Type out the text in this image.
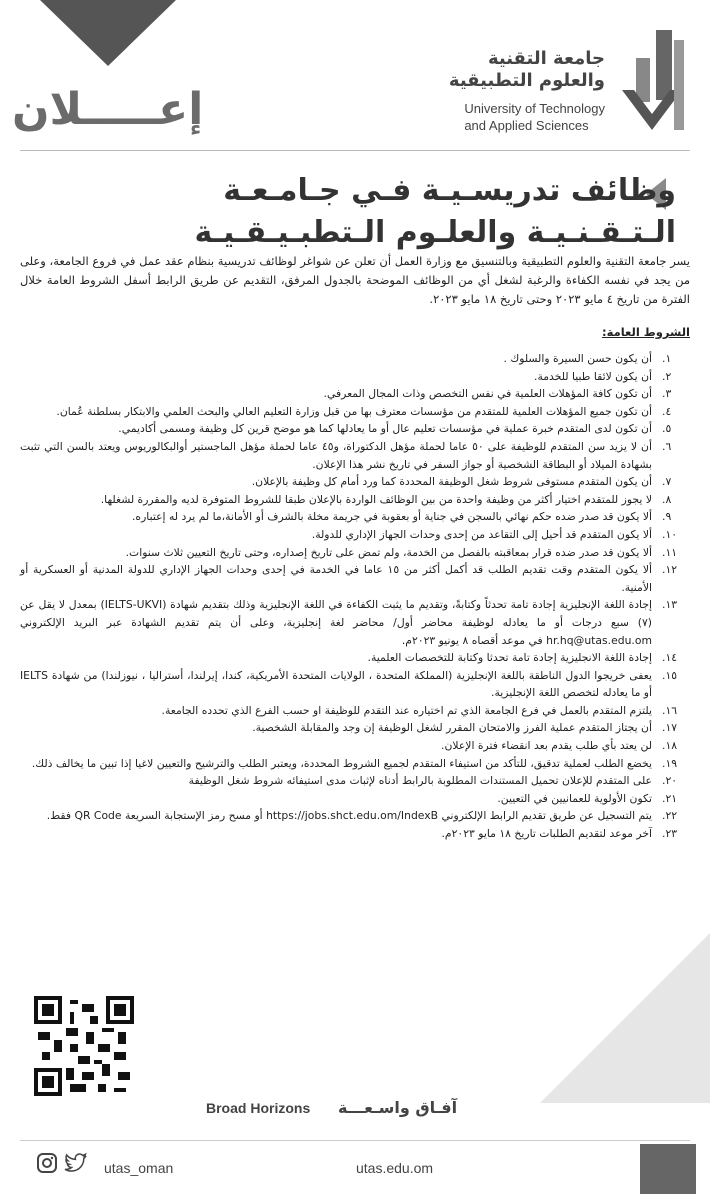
إعـــــلان
جامعة التقنية
والعلوم التطبيقية
University of Technology
and Applied Sciences
وظائف تدريسـيـة فـي جـامـعـة الـتـقـنـيـة والعلـوم الـتطبـيـقـيـة
يسر جامعة التقنية والعلوم التطبيقية وبالتنسيق مع وزارة العمل أن تعلن عن شواغر لوظائف تدريسية بنظام عقد عمل في فروع الجامعة، وعلى من يجد في نفسه الكفاءة والرغبة لشغل أي من الوظائف الموضحة بالجدول المرفق، التقديم عن طريق الرابط أسفل الشروط العامة خلال الفترة من تاريخ ٤ مايو ٢٠٢٣ وحتى تاريخ ١٨ مايو ٢٠٢٣.
الشروط العامة:
١.
أن يكون حسن السيرة والسلوك .
٢.
أن يكون لائقا طبيا للخدمة.
٣.
أن تكون كافة المؤهلات العلمية في نفس التخصص وذات المجال المعرفي.
٤.
أن تكون جميع المؤهلات العلمية للمتقدم من مؤسسات معترف بها من قبل وزارة التعليم العالي والبحث العلمي والابتكار بسلطنة عُمان.
٥.
أن تكون لدى المتقدم خبرة عملية في مؤسسات تعليم عال أو ما يعادلها كما هو موضح قرين كل وظيفة ومسمى أكاديمي.
٦.
أن لا يزيد سن المتقدم للوظيفة على ٥٠ عاما لحملة مؤهل الدكتوراة، و٤٥ عاما لحملة مؤهل الماجستير أوالبكالوريوس ويعتد بالسن التي تثبت بشهادة الميلاد أو البطاقة الشخصية أو جواز السفر في تاريخ نشر هذا الإعلان.
٧.
أن يكون المتقدم مستوفى شروط شغل الوظيفة المحددة كما ورد أمام كل وظيفة بالإعلان.
٨.
لا يجوز للمتقدم اختيار أكثر من وظيفة واحدة من بين الوظائف الواردة بالإعلان طبقا للشروط المتوفرة لديه والمقررة لشغلها.
٩.
ألا يكون قد صدر ضده حكم نهائي بالسجن في جناية أو بعقوبة في جريمة مخلة بالشرف أو الأمانة،ما لم يرد له إعتباره.
١٠.
ألا يكون المتقدم قد أحيل إلى التقاعد من إحدى وحدات الجهاز الإداري للدولة.
١١.
ألا يكون قد صدر ضده قرار بمعاقبته بالفصل من الخدمة، ولم تمض على تاريخ إصداره، وحتى تاريخ التعيين ثلاث سنوات.
١٢.
ألا يكون المتقدم وقت تقديم الطلب قد أكمل أكثر من ١٥ عاما في الخدمة في إحدى وحدات الجهاز الإداري للدولة المدنية أو العسكرية أو الأمنية.
١٣.
إجادة اللغة الإنجليزية إجادة تامة تحدثاً وكتابةً، وتقديم ما يثبت الكفاءة في اللغة الإنجليزية وذلك بتقديم شهادة (IELTS-UKVI) بمعدل لا يقل عن (٧) سبع درجات أو ما يعادله لوظيفة محاضر أول/ محاضر لغة إنجليزية، وعلى أن يتم تقديم الشهادة عبر البريد الإلكتروني hr.hq@utas.edu.om في موعد أقصاه ٨ يونيو ٢٠٢٣م.
١٤.
إجادة اللغة الانجليزية إجادة تامة تحدثا وكتابة للتخصصات العلمية.
١٥.
يعفى خريجوا الدول الناطقة باللغة الإنجليزية (المملكة المتحدة ، الولايات المتحدة الأمريكية، كندا، إيرلندا، أستراليا ، نيوزلندا) من شهادة IELTS أو ما يعادله لتخصص اللغة الإنجليزية.
١٦.
يلتزم المتقدم بالعمل في فرع الجامعة الذي تم اختياره عند التقدم للوظيفة او حسب الفرع الذي تحدده الجامعة.
١٧.
أن يجتاز المتقدم عملية الفرز والامتحان المقرر لشغل الوظيفة إن وجد والمقابلة الشخصية.
١٨.
لن يعتد بأي طلب يقدم بعد انقضاء فترة الإعلان.
١٩.
يخضع الطلب لعملية تدقيق، للتأكد من استيفاء المتقدم لجميع الشروط المحددة، ويعتبر الطلب والترشيح والتعيين لاغيا إذا تبين ما يخالف ذلك.
٢٠.
على المتقدم للإعلان تحميل المستندات المطلوبة بالرابط أدناه لإثبات مدى استيفائه شروط شغل الوظيفة
٢١.
تكون الأولوية للعمانيين في التعيين.
٢٢.
يتم التسجيل عن طريق تقديم الرابط الإلكتروني https://jobs.shct.edu.om/IndexB أو مسح رمز الإستجابة السريعة QR Code فقط.
٢٣.
آخر موعد لتقديم الطلبات تاريخ ١٨ مايو ٢٠٢٣م.
Broad Horizons آفـاق واسـعـــة
utas_oman	utas.edu.om
